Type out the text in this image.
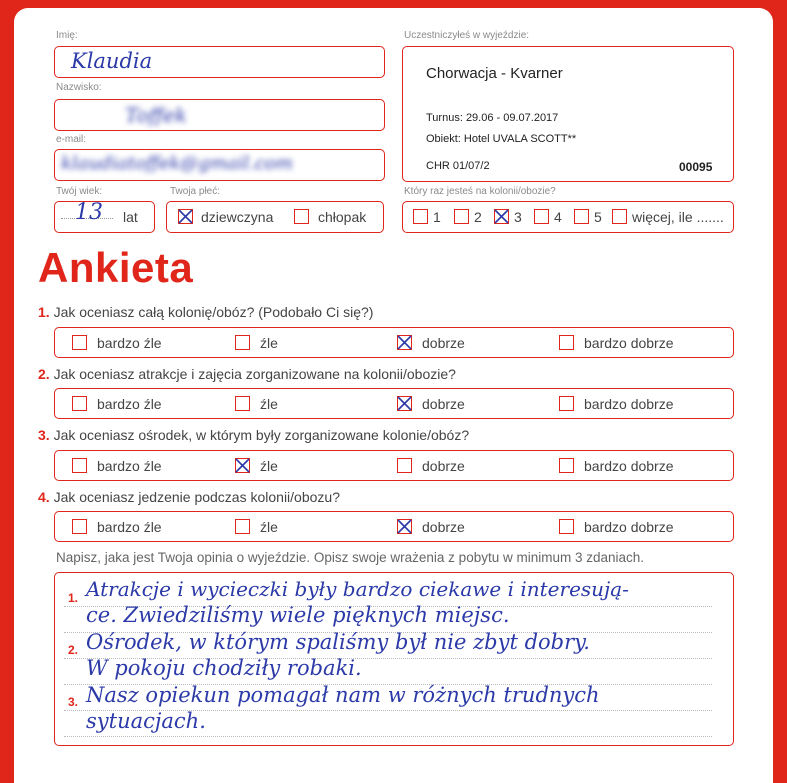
Imię:
Klaudia
Nazwisko:
Toffek
e-mail:
klaudiatoffek@gmail.com
Twój wiek:
13 lat
Twoja płeć:
dziewczyna	chłopak
Uczestniczyłeś w wyjeździe:
Chorwacja - Kvarner
Turnus: 29.06 - 09.07.2017
Obiekt: Hotel UVALA SCOTT**
CHR 01/07/2	00095
Który raz jesteś na kolonii/obozie?
1 2 3 4 5 więcej, ile .......
Ankieta
1. Jak oceniasz całą kolonię/obóz? (Podobało Ci się?)
bardzo źle	źle	dobrze	bardzo dobrze
2. Jak oceniasz atrakcje i zajęcia zorganizowane na kolonii/obozie?
bardzo źle	źle	dobrze	bardzo dobrze
3. Jak oceniasz ośrodek, w którym były zorganizowane kolonie/obóz?
bardzo źle	źle	dobrze	bardzo dobrze
4. Jak oceniasz jedzenie podczas kolonii/obozu?
bardzo źle	źle	dobrze	bardzo dobrze
Napisz, jaka jest Twoja opinia o wyjeździe. Opisz swoje wrażenia z pobytu w minimum 3 zdaniach.
1.
2.
3.
Atrakcje i wycieczki były bardzo ciekawe i interesują-
ce. Zwiedziliśmy wiele pięknych miejsc.
Ośrodek, w którym spaliśmy był nie zbyt dobry.
W pokoju chodziły robaki.
Nasz opiekun pomagał nam w różnych trudnych
sytuacjach.
